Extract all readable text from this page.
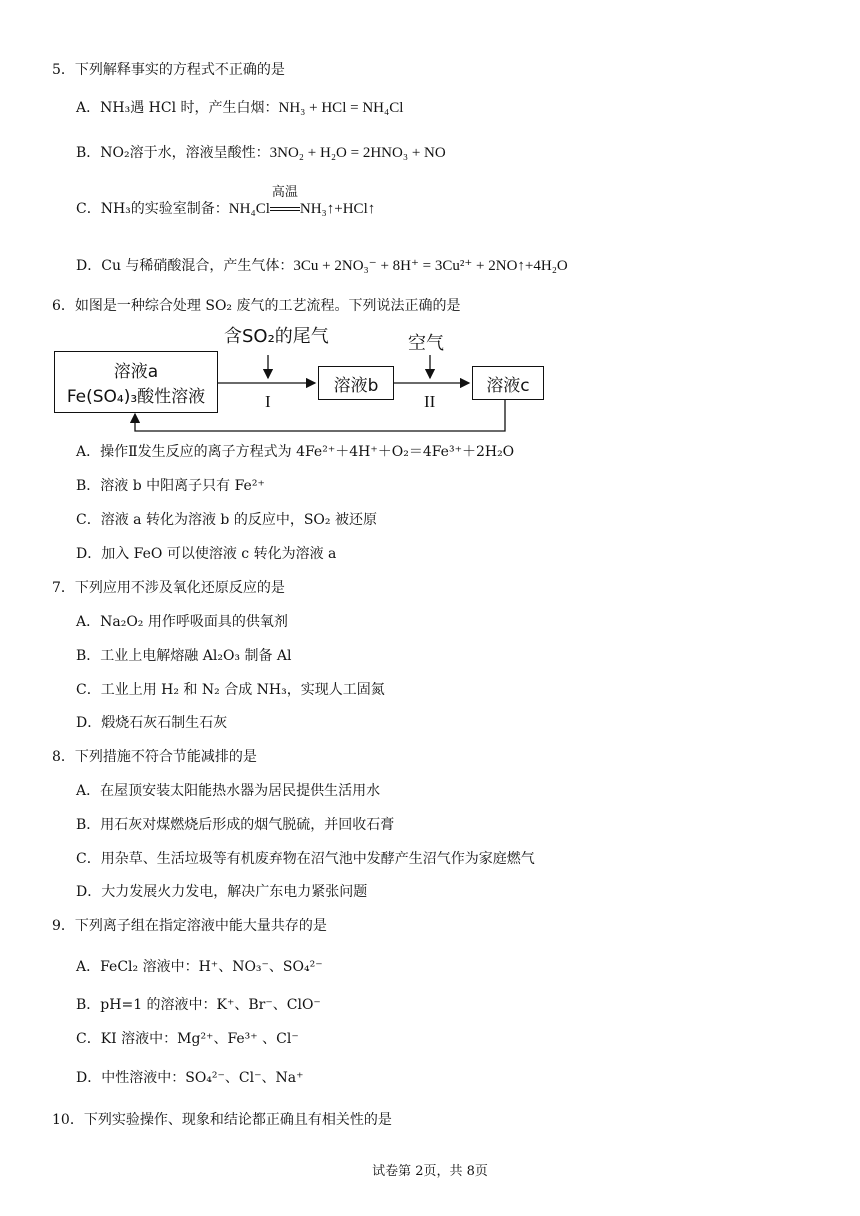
5．下列解释事实的方程式不正确的是
A．NH₃遇 HCl 时，产生白烟：NH₃ + HCl = NH₄Cl
B．NO₂溶于水，溶液呈酸性：3NO₂ + H₂O = 2HNO₃ + NO
C．NH₃的实验室制备：NH₄Cl
高温
NH₃↑+HCl↑
D．Cu 与稀硝酸混合，产生气体：3Cu + 2NO₃⁻ + 8H⁺ = 3Cu²⁺ + 2NO↑+4H₂O
6．如图是一种综合处理 SO₂ 废气的工艺流程。下列说法正确的是
溶液a
Fe(SO₄)₃酸性溶液
溶液b	溶液c
含SO₂的尾气	空气
I	II
A．操作Ⅱ发生反应的离子方程式为 4Fe²⁺＋4H⁺＋O₂＝4Fe³⁺＋2H₂O
B．溶液 b 中阳离子只有 Fe²⁺
C．溶液 a 转化为溶液 b 的反应中，SO₂ 被还原
D．加入 FeO 可以使溶液 c 转化为溶液 a
7．下列应用不涉及氧化还原反应的是
A．Na₂O₂ 用作呼吸面具的供氧剂
B．工业上电解熔融 Al₂O₃ 制备 Al
C．工业上用 H₂ 和 N₂ 合成 NH₃，实现人工固氮
D．煅烧石灰石制生石灰
8．下列措施不符合节能减排的是
A．在屋顶安装太阳能热水器为居民提供生活用水
B．用石灰对煤燃烧后形成的烟气脱硫，并回收石膏
C．用杂草、生活垃圾等有机废弃物在沼气池中发酵产生沼气作为家庭燃气
D．大力发展火力发电，解决广东电力紧张问题
9．下列离子组在指定溶液中能大量共存的是
A．FeCl₂ 溶液中：H⁺、NO₃⁻、SO₄²⁻
B．pH=1 的溶液中：K⁺、Br⁻、ClO⁻
C．KI 溶液中：Mg²⁺、Fe³⁺ 、Cl⁻
D．中性溶液中：SO₄²⁻、Cl⁻、Na⁺
10．下列实验操作、现象和结论都正确且有相关性的是
试卷第 2页，共 8页
